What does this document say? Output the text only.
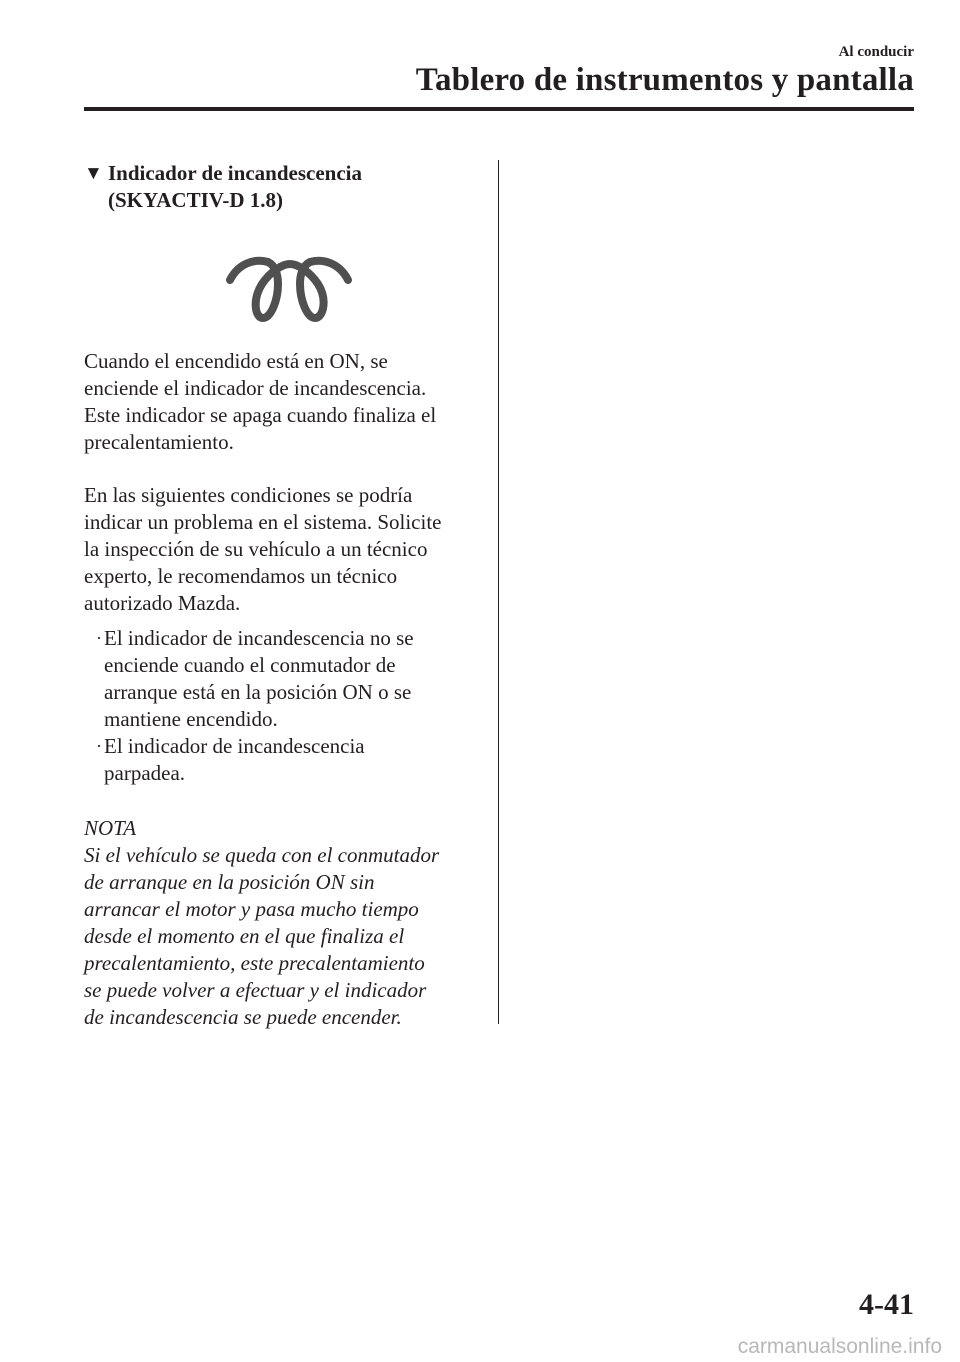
Al conducir
Tablero de instrumentos y pantalla
▼ Indicador de incandescencia
(SKYACTIV-D 1.8)

Cuando el encendido está en ON, se
enciende el indicador de incandescencia.
Este indicador se apaga cuando finaliza el
precalentamiento.

En las siguientes condiciones se podría
indicar un problema en el sistema. Solicite
la inspección de su vehículo a un técnico
experto, le recomendamos un técnico
autorizado Mazda.

· El indicador de incandescencia no se
enciende cuando el conmutador de
arranque está en la posición ON o se
mantiene encendido.
· El indicador de incandescencia
parpadea.
NOTA

Si el vehículo se queda con el conmutador
de arranque en la posición ON sin
arrancar el motor y pasa mucho tiempo
desde el momento en el que finaliza el
precalentamiento, este precalentamiento
se puede volver a efectuar y el indicador
de incandescencia se puede encender.

4-41
carmanualsonline.info
